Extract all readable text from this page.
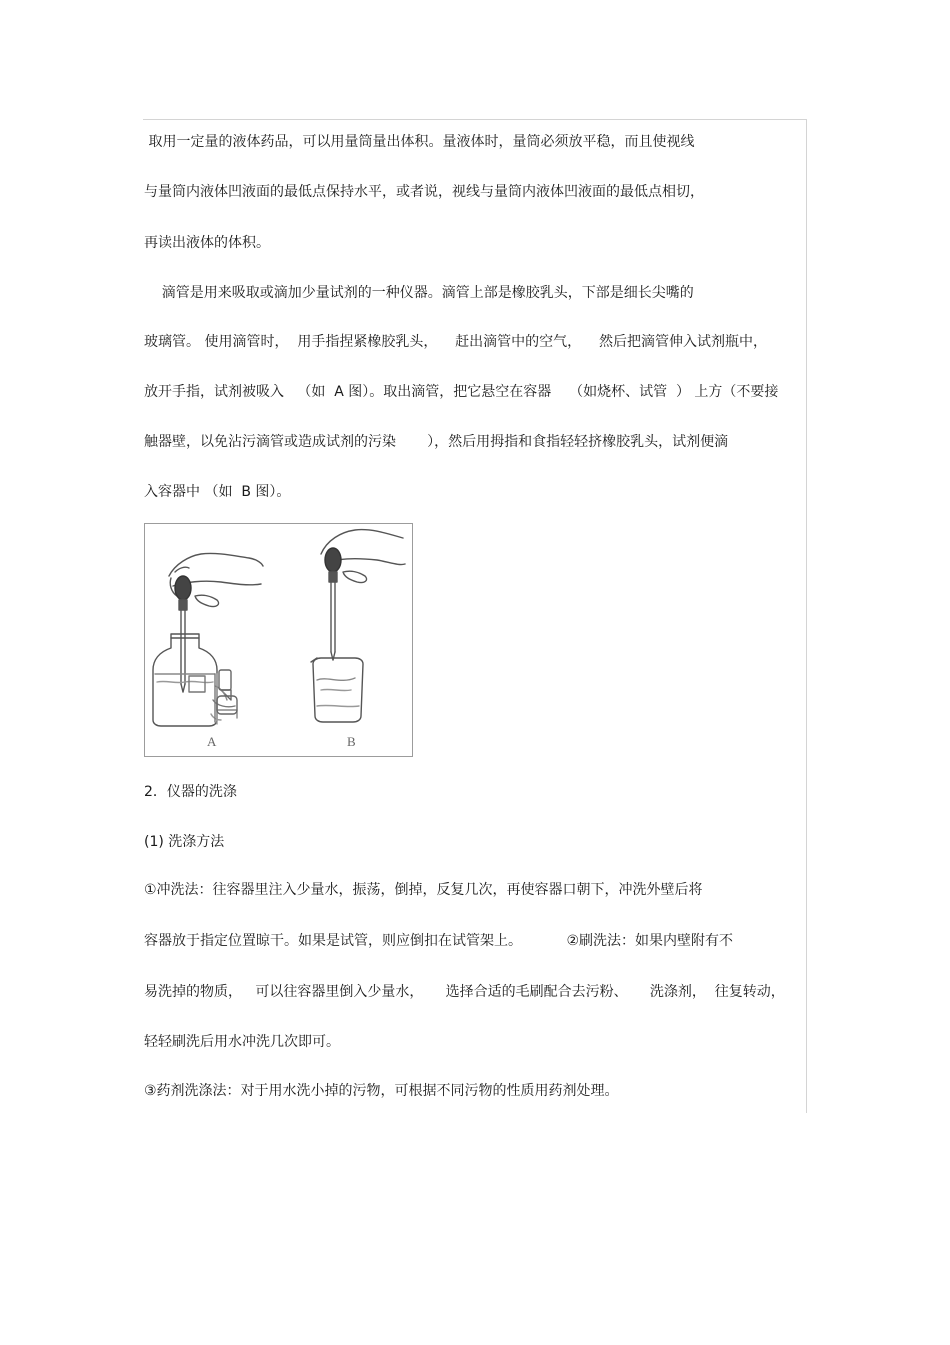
取用一定量的液体药品，可以用量筒量出体积。量液体时，量筒必须放平稳，而且使视线
与量筒内液体凹液面的最低点保持水平，或者说，视线与量筒内液体凹液面的最低点相切，
再读出液体的体积。
滴管是用来吸取或滴加少量试剂的一种仪器。滴管上部是橡胶乳头，下部是细长尖嘴的
玻璃管。 使用滴管时，  用手指捏紧橡胶乳头，    赶出滴管中的空气，    然后把滴管伸入试剂瓶中，
放开手指，试剂被吸入   （如  A 图）。取出滴管，把它悬空在容器    （如烧杯、试管  ） 上方（不要接
触器壁，以免沾污滴管或造成试剂的污染       ），然后用拇指和食指轻轻挤橡胶乳头，试剂便滴
入容器中 （如  B 图）。
A	B
2．仪器的洗涤
(1) 洗涤方法
①冲洗法：往容器里注入少量水，振荡，倒掉，反复几次，再使容器口朝下，冲洗外壁后将
容器放于指定位置晾干。如果是试管，则应倒扣在试管架上。          ②刷洗法：如果内壁附有不
易洗掉的物质，   可以往容器里倒入少量水，     选择合适的毛刷配合去污粉、     洗涤剂，  往复转动，
轻轻刷洗后用水冲洗几次即可。
③药剂洗涤法：对于用水洗小掉的污物，可根据不同污物的性质用药剂处理。
